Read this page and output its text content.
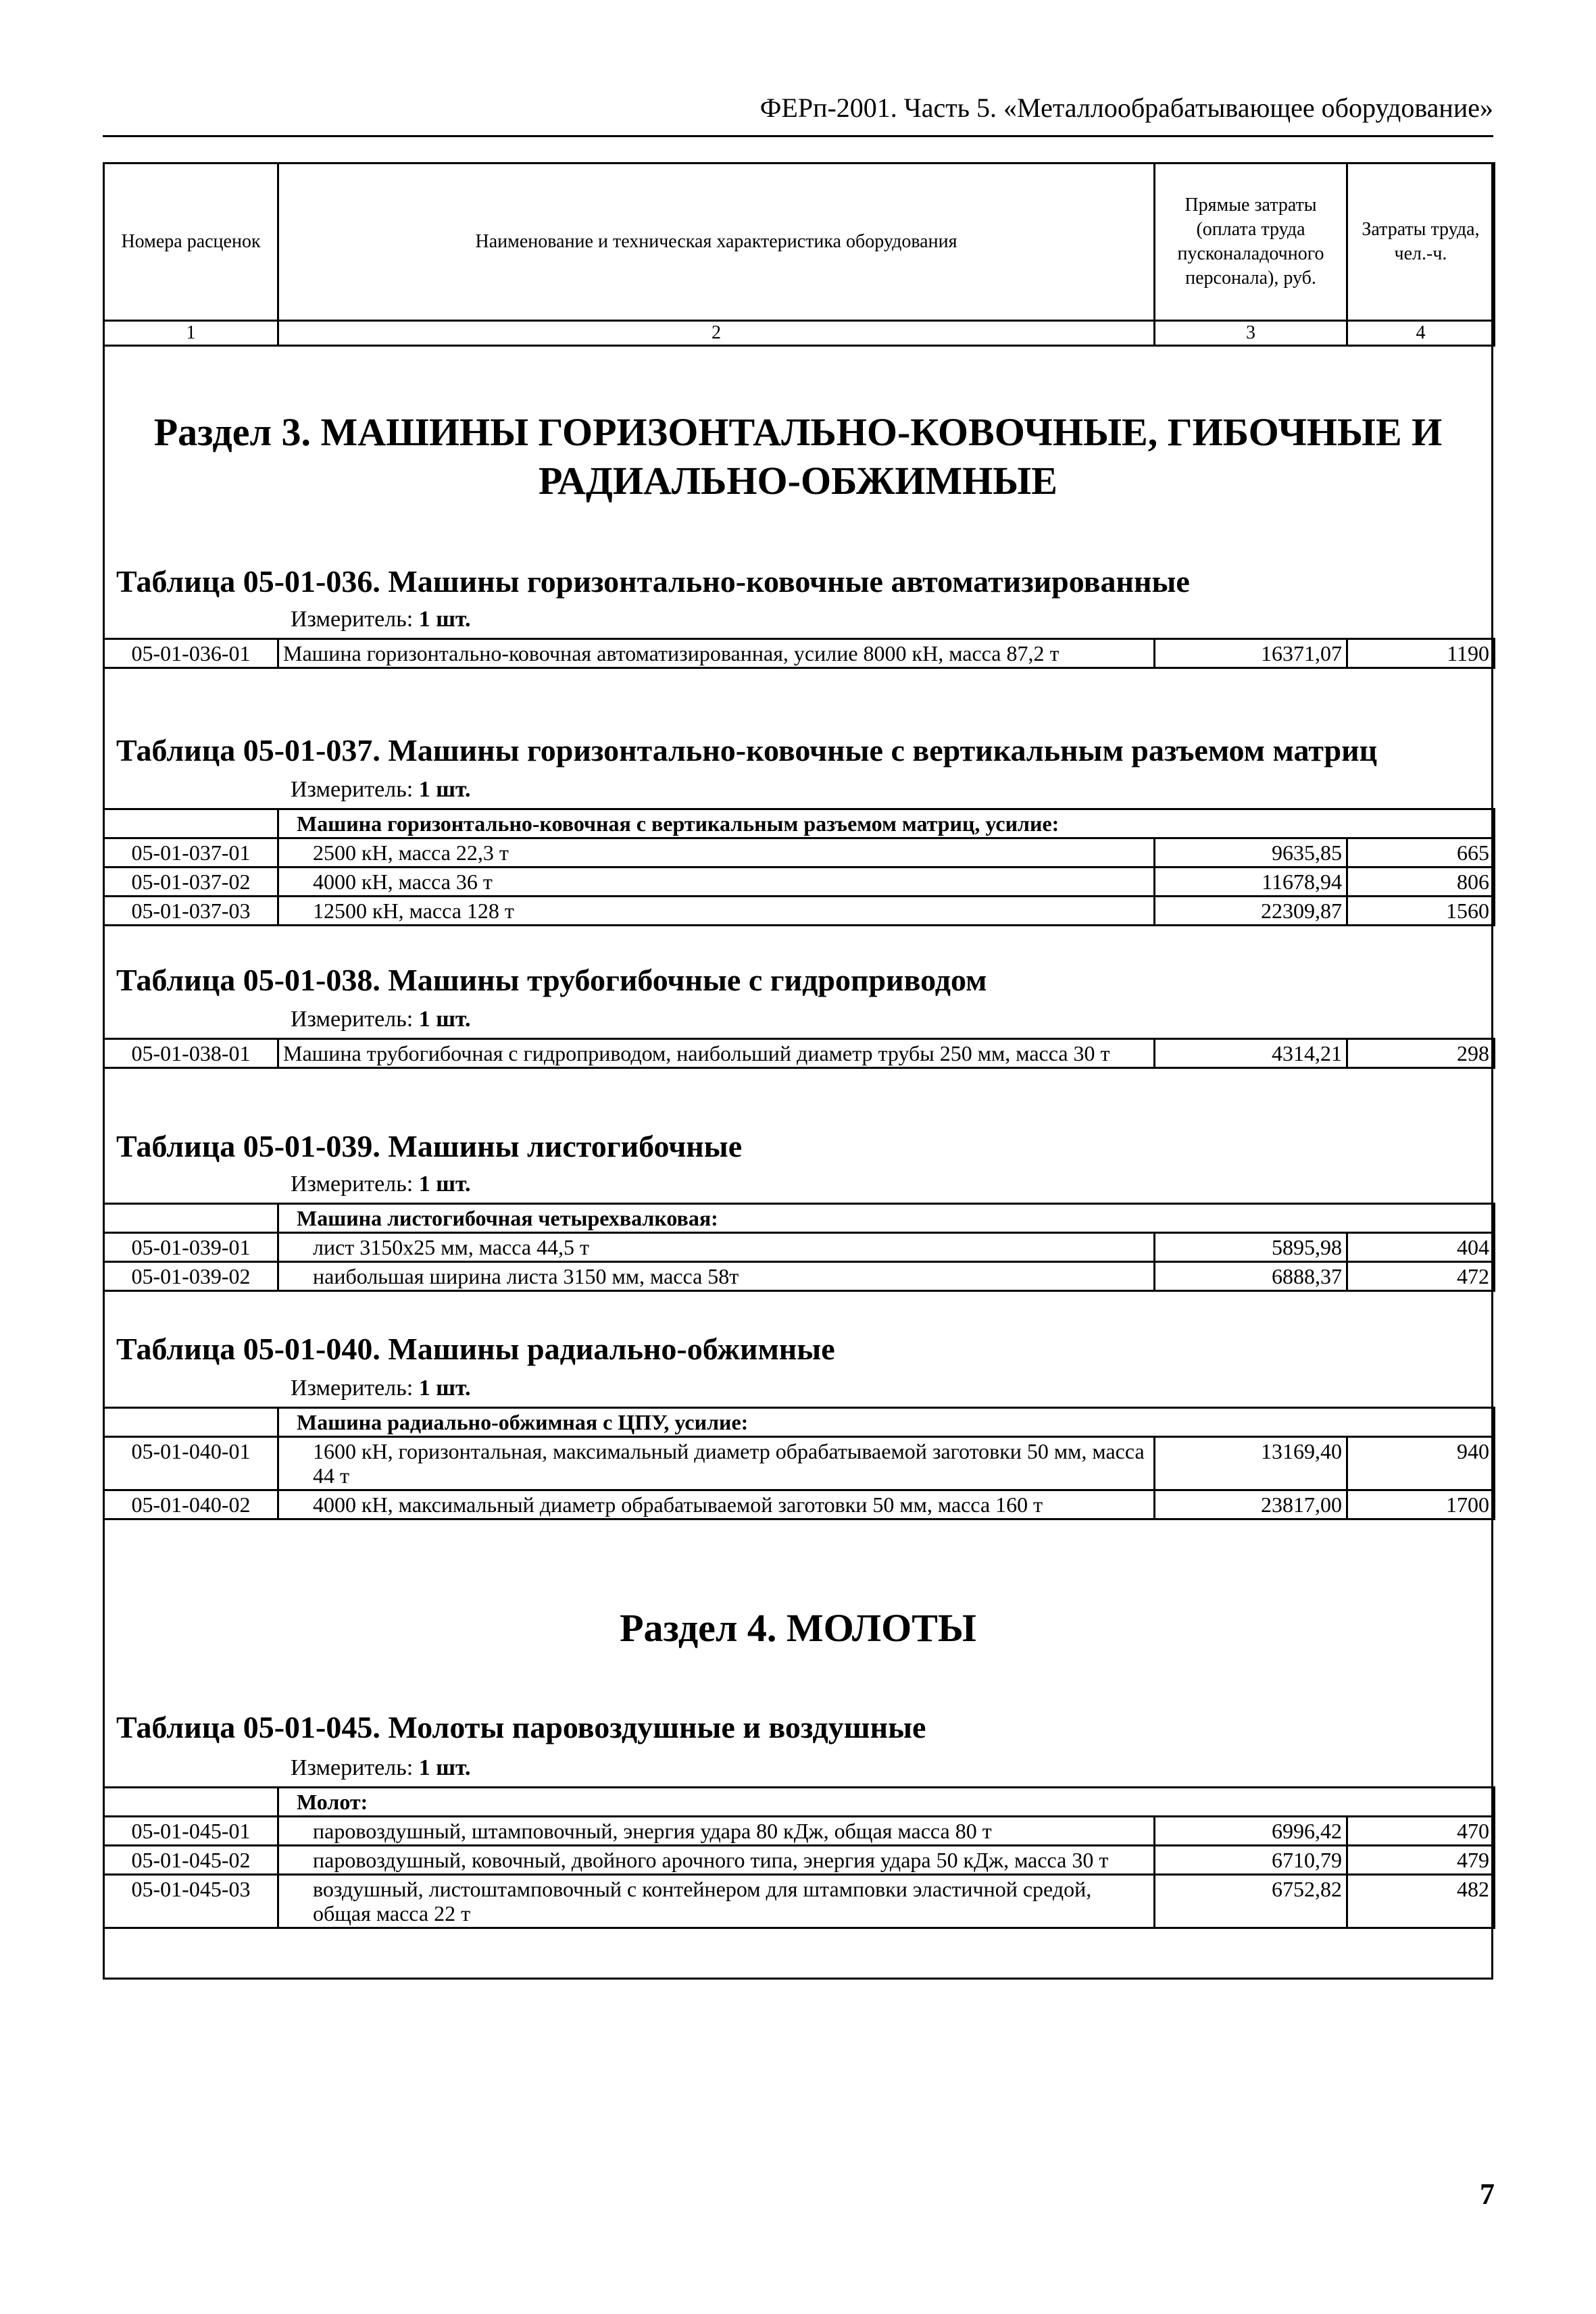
ФЕРп-2001. Часть 5. «Металлообрабатывающее оборудование»
Номера расценок	Наименование и техническая характеристика оборудования	Прямые затраты (оплата труда пусконаладочного персонала), руб.	Затраты труда, чел.-ч.
1	2	3	4
Раздел 3. МАШИНЫ ГОРИЗОНТАЛЬНО-КОВОЧНЫЕ, ГИБОЧНЫЕ И РАДИАЛЬНО-ОБЖИМНЫЕ
Таблица 05-01-036. Машины горизонтально-ковочные автоматизированные
Измеритель: 1 шт.
05-01-036-01	Машина горизонтально-ковочная автоматизированная, усилие 8000 кН, масса 87,2 т	16371,07	1190
Таблица 05-01-037. Машины горизонтально-ковочные с вертикальным разъемом матриц
Измеритель: 1 шт.
	Машина горизонтально-ковочная с вертикальным разъемом матриц, усилие:		
05-01-037-01	2500 кН, масса 22,3 т	9635,85	665
05-01-037-02	4000 кН, масса 36 т	11678,94	806
05-01-037-03	12500 кН, масса 128 т	22309,87	1560
Таблица 05-01-038. Машины трубогибочные с гидроприводом
Измеритель: 1 шт.
05-01-038-01	Машина трубогибочная с гидроприводом, наибольший диаметр трубы 250 мм, масса 30 т	4314,21	298
Таблица 05-01-039. Машины листогибочные
Измеритель: 1 шт.
	Машина листогибочная четырехвалковая:		
05-01-039-01	лист 3150х25 мм, масса 44,5 т	5895,98	404
05-01-039-02	наибольшая ширина листа 3150 мм, масса 58т	6888,37	472
Таблица 05-01-040. Машины радиально-обжимные
Измеритель: 1 шт.
	Машина радиально-обжимная с ЦПУ, усилие:		
05-01-040-01	1600 кН, горизонтальная, максимальный диаметр обрабатываемой заготовки 50 мм, масса 44 т	13169,40	940
05-01-040-02	4000 кН, максимальный диаметр обрабатываемой заготовки 50 мм, масса 160 т	23817,00	1700
Раздел 4. МОЛОТЫ
Таблица 05-01-045. Молоты паровоздушные и воздушные
Измеритель: 1 шт.
	Молот:		
05-01-045-01	паровоздушный, штамповочный, энергия удара 80 кДж, общая масса 80 т	6996,42	470
05-01-045-02	паровоздушный, ковочный, двойного арочного типа, энергия удара 50 кДж, масса 30 т	6710,79	479
05-01-045-03	воздушный, листоштамповочный с контейнером для штамповки эластичной средой, общая масса 22 т	6752,82	482
7
